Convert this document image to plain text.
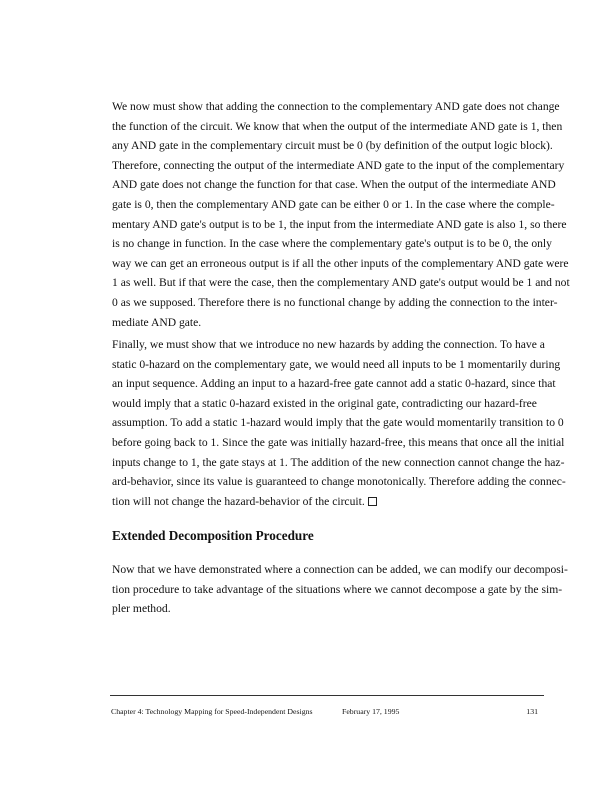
We now must show that adding the connection to the complementary AND gate does not change
the function of the circuit. We know that when the output of the intermediate AND gate is 1, then
any AND gate in the complementary circuit must be 0 (by definition of the output logic block).
Therefore, connecting the output of the intermediate AND gate to the input of the complementary
AND gate does not change the function for that case. When the output of the intermediate AND
gate is 0, then the complementary AND gate can be either 0 or 1. In the case where the comple-
mentary AND gate's output is to be 1, the input from the intermediate AND gate is also 1, so there
is no change in function. In the case where the complementary gate's output is to be 0, the only
way we can get an erroneous output is if all the other inputs of the complementary AND gate were
1 as well. But if that were the case, then the complementary AND gate's output would be 1 and not
0 as we supposed. Therefore there is no functional change by adding the connection to the inter-
mediate AND gate.
Finally, we must show that we introduce no new hazards by adding the connection. To have a
static 0-hazard on the complementary gate, we would need all inputs to be 1 momentarily during
an input sequence. Adding an input to a hazard-free gate cannot add a static 0-hazard, since that
would imply that a static 0-hazard existed in the original gate, contradicting our hazard-free
assumption. To add a static 1-hazard would imply that the gate would momentarily transition to 0
before going back to 1. Since the gate was initially hazard-free, this means that once all the initial
inputs change to 1, the gate stays at 1. The addition of the new connection cannot change the haz-
ard-behavior, since its value is guaranteed to change monotonically. Therefore adding the connec-
tion will not change the hazard-behavior of the circuit.
Extended Decomposition Procedure
Now that we have demonstrated where a connection can be added, we can modify our decomposi-
tion procedure to take advantage of the situations where we cannot decompose a gate by the sim-
pler method.
Chapter 4: Technology Mapping for Speed-Independent Designs	February 17, 1995	131
